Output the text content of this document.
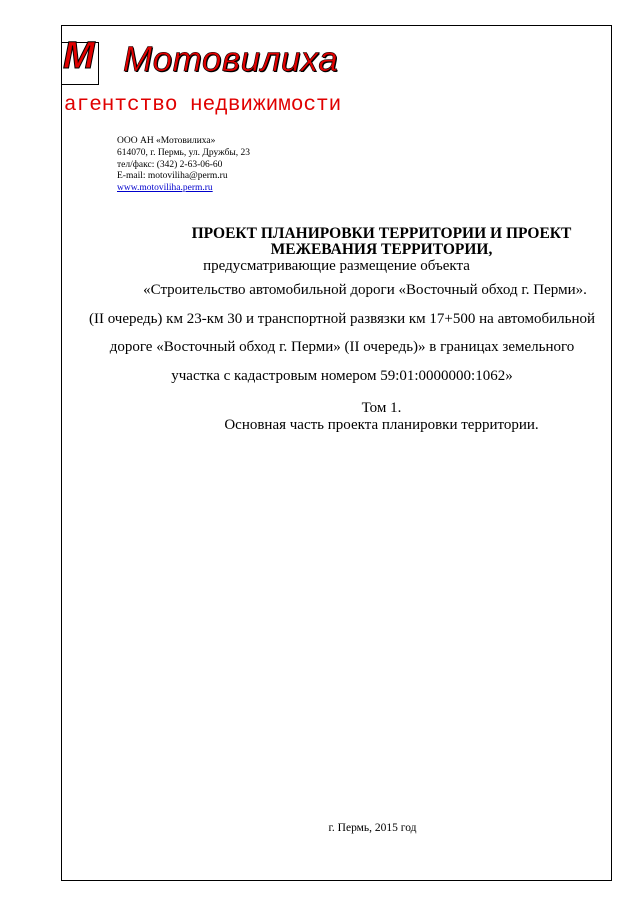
М Мотовилиха
агентство недвижимости
ООО АН «Мотовилиха»
614070, г. Пермь, ул. Дружбы, 23
тел/факс: (342) 2-63-06-60
E-mail: motoviliha@perm.ru
www.motoviliha.perm.ru
ПРОЕКТ ПЛАНИРОВКИ ТЕРРИТОРИИ И ПРОЕКТ
МЕЖЕВАНИЯ ТЕРРИТОРИИ,
предусматривающие размещение объекта
«Строительство автомобильной дороги «Восточный обход г. Перми».
(II очередь) км 23-км 30 и транспортной развязки км 17+500 на автомобильной
дороге «Восточный обход г. Перми» (II очередь)» в границах земельного
участка с кадастровым номером 59:01:0000000:1062»
Том 1.
Основная часть проекта планировки территории.
г. Пермь, 2015 год
